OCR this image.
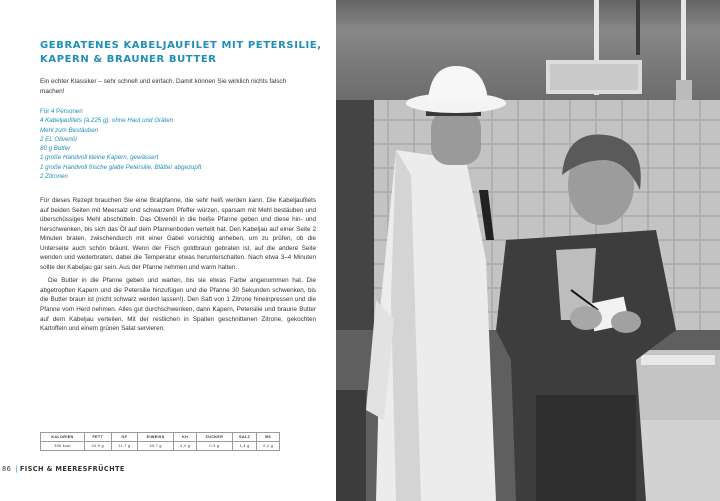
GEBRATENES KABELJAUFILET MIT PETERSILIE,
KAPERN & BRAUNER BUTTER
Ein echter Klassiker – sehr schnell und einfach. Damit können Sie wirklich nichts falsch machen!
Für 4 Personen
4 Kabeljaufilets (à 225 g), ohne Haut und Gräten
Mehl zum Bestäuben
2 EL Olivenöl
80 g Butter
1 große Handvoll kleine Kapern, gewässert
1 große Handvoll frische glatte Petersilie, Blätter abgezupft
2 Zitronen

Für dieses Rezept brauchen Sie eine Bratpfanne, die sehr heiß werden kann. Die Kabeljaufilets auf beiden Seiten mit Meersalz und schwarzem Pfeffer würzen, sparsam mit Mehl bestäuben und überschüssiges Mehl abschütteln. Das Olivenöl in die heiße Pfanne geben und diese hin- und herschwenken, bis sich das Öl auf dem Pfannenboden verteilt hat. Den Kabeljau auf einer Seite 2 Minuten braten, zwischendurch mit einer Gabel vorsichtig anheben, um zu prüfen, ob die Unterseite auch schön bräunt. Wenn der Fisch goldbraun gebraten ist, auf die andere Seite wenden und weiterbraten, dabei die Temperatur etwas herunterschalten. Nach etwa 3–4 Minuten sollte der Kabeljau gar sein. Aus der Pfanne nehmen und warm halten.

Die Butter in die Pfanne geben und warten, bis sie etwas Farbe angenommen hat. Die abgetropften Kapern und die Petersilie hinzufügen und die Pfanne 30 Sekunden schwenken, bis die Butter braun ist (nicht schwarz werden lassen!). Den Saft von 1 Zitrone hineinpressen und die Pfanne vom Herd nehmen. Alles gut durchschwenken, dann Kapern, Petersilie und braune Butter auf dem Kabeljau verteilen. Mit der restlichen in Spalten geschnittenen Zitrone, gekochten Kartoffeln und einem grünen Salat servieren.

KALORIEN	FETT	GF	EIWEISS	KH	ZUCKER	SALZ	BS
396 kcal	24,9 g	11,7 g	40,7 g	4,4 g	0,3 g	1,4 g	0,2 g
86 | FISCH & MEERESFRÜCHTE
